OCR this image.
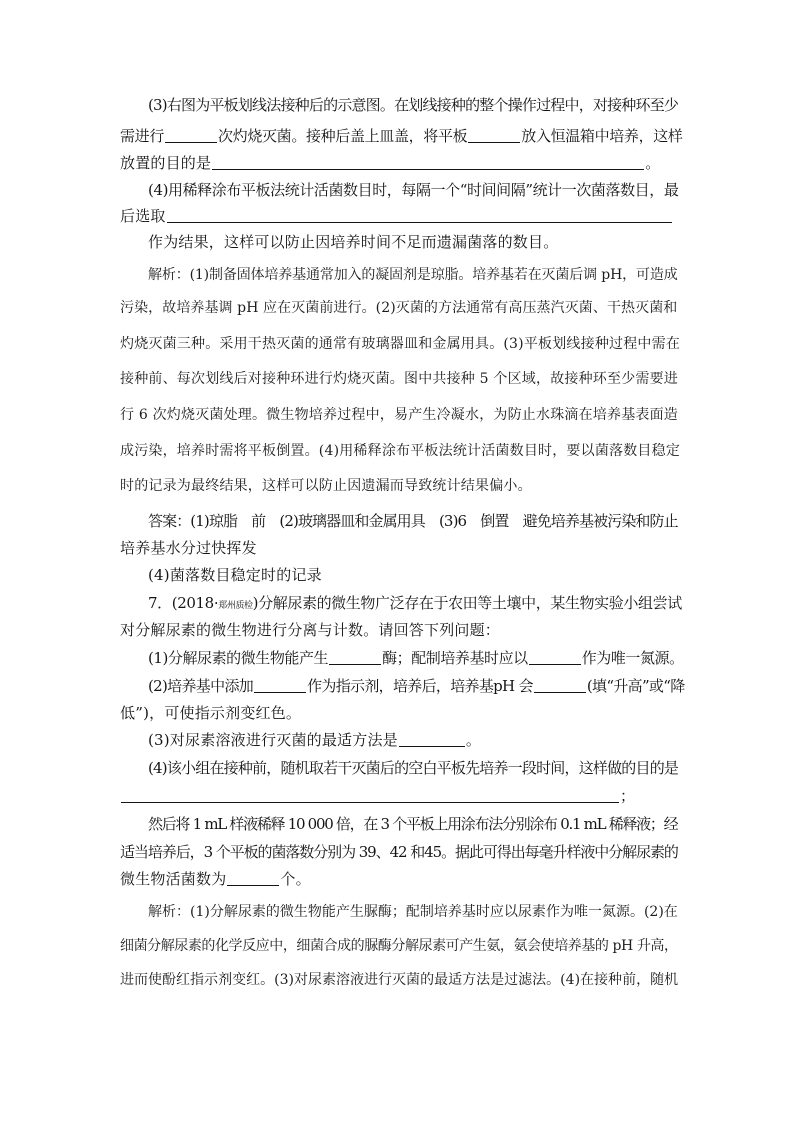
(3)右图为平板划线法接种后的示意图。在划线接种的整个操作过程中，对接种环至少
需进行	次灼烧灭菌。接种后盖上皿盖，将平板	放入恒温箱中培养，这样
放置的目的是	。
(4)用稀释涂布平板法统计活菌数目时，每隔一个“时间间隔”统计一次菌落数目，最
后选取
作为结果，这样可以防止因培养时间不足而遗漏菌落的数目。
解析：(1)制备固体培养基通常加入的凝固剂是琼脂。培养基若在灭菌后调 pH，可造成
污染，故培养基调 pH 应在灭菌前进行。(2)灭菌的方法通常有高压蒸汽灭菌、干热灭菌和
灼烧灭菌三种。采用干热灭菌的通常有玻璃器皿和金属用具。(3)平板划线接种过程中需在
接种前、每次划线后对接种环进行灼烧灭菌。图中共接种 5 个区域，故接种环至少需要进
行 6 次灼烧灭菌处理。微生物培养过程中，易产生冷凝水，为防止水珠滴在培养基表面造
成污染，培养时需将平板倒置。(4)用稀释涂布平板法统计活菌数目时，要以菌落数目稳定
时的记录为最终结果，这样可以防止因遗漏而导致统计结果偏小。
答案：(1)琼脂　前　(2)玻璃器皿和金属用具　(3)6　倒置　避免培养基被污染和防止
培养基水分过快挥发
(4)菌落数目稳定时的记录
7．(2018·郑州质检)分解尿素的微生物广泛存在于农田等土壤中，某生物实验小组尝试
对分解尿素的微生物进行分离与计数。请回答下列问题：
(1)分解尿素的微生物能产生	酶；配制培养基时应以	作为唯一氮源。
(2)培养基中添加	作为指示剂，培养后，培养基pH 会	(填“升高”或“降
低”)，可使指示剂变红色。
(3)对尿素溶液进行灭菌的最适方法是	。
(4)该小组在接种前，随机取若干灭菌后的空白平板先培养一段时间，这样做的目的是
；
然后将 1 mL 样液稀释 10 000 倍，在 3 个平板上用涂布法分别涂布 0.1 mL 稀释液；经
适当培养后，3 个平板的菌落数分别为 39、42 和45。据此可得出每毫升样液中分解尿素的
微生物活菌数为	个。
解析：(1)分解尿素的微生物能产生脲酶；配制培养基时应以尿素作为唯一氮源。(2)在
细菌分解尿素的化学反应中，细菌合成的脲酶分解尿素可产生氨，氨会使培养基的 pH 升高，
进而使酚红指示剂变红。(3)对尿素溶液进行灭菌的最适方法是过滤法。(4)在接种前，随机
